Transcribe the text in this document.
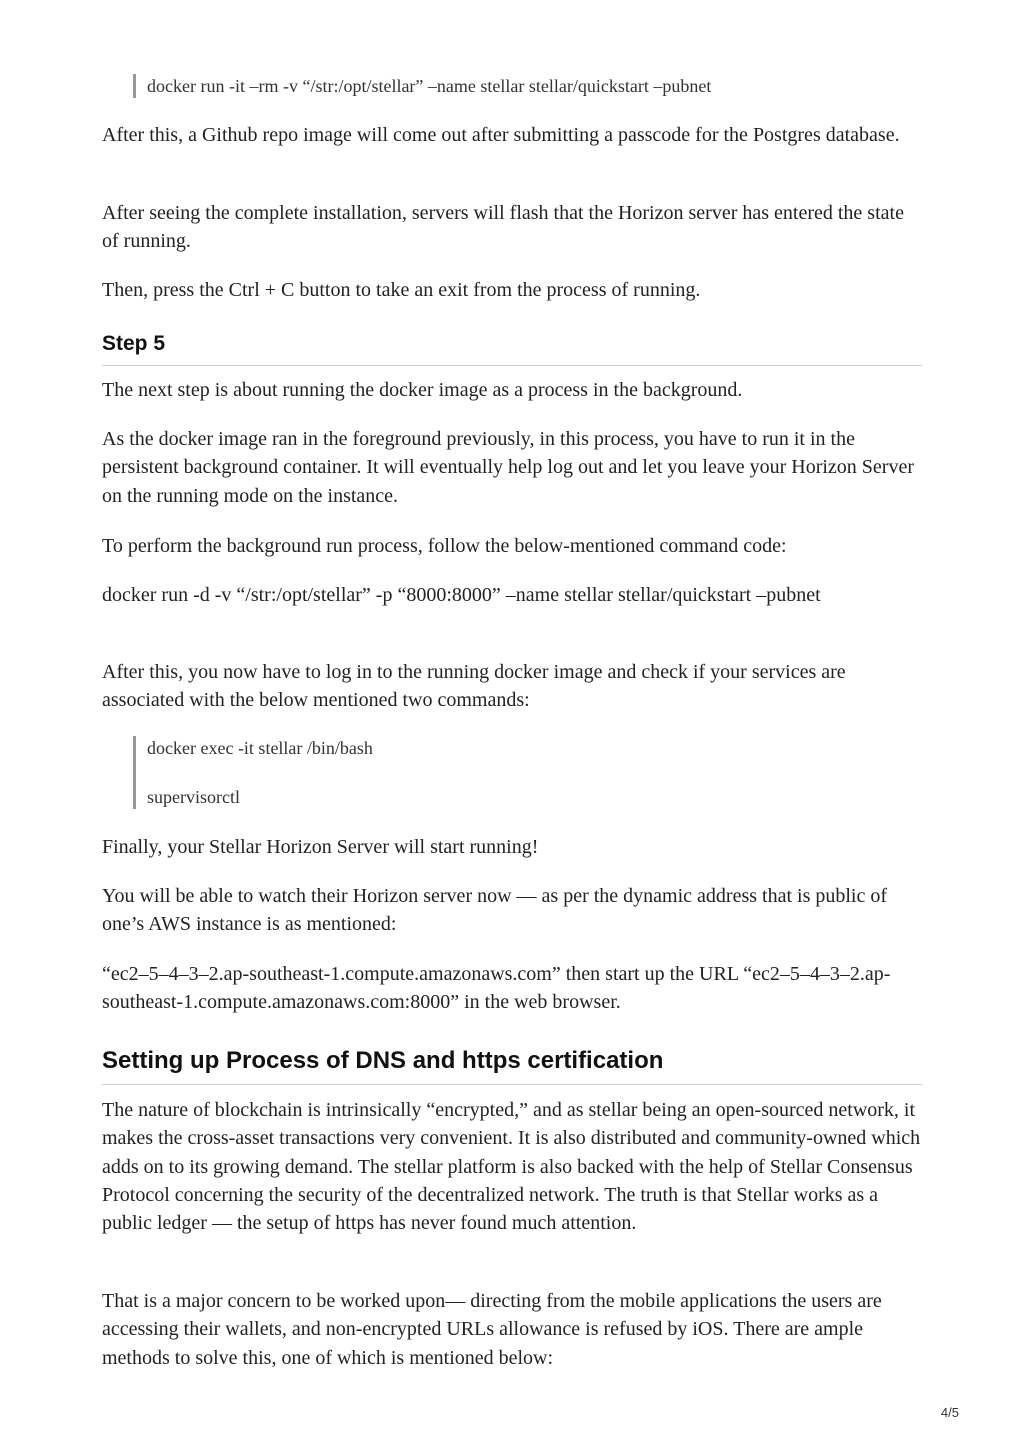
docker run -it –rm -v “/str:/opt/stellar” –name stellar stellar/quickstart –pubnet

After this, a Github repo image will come out after submitting a passcode for the Postgres database.

After seeing the complete installation, servers will flash that the Horizon server has entered the state of running.

Then, press the Ctrl + C button to take an exit from the process of running.

Step 5

The next step is about running the docker image as a process in the background.

As the docker image ran in the foreground previously, in this process, you have to run it in the persistent background container. It will eventually help log out and let you leave your Horizon Server on the running mode on the instance.

To perform the background run process, follow the below-mentioned command code:

docker run -d -v “/str:/opt/stellar” -p “8000:8000” –name stellar stellar/quickstart –pubnet

After this, you now have to log in to the running docker image and check if your services are associated with the below mentioned two commands:

docker exec -it stellar /bin/bash

supervisorctl

Finally, your Stellar Horizon Server will start running!

You will be able to watch their Horizon server now — as per the dynamic address that is public of one’s AWS instance is as mentioned:

“ec2–5–4–3–2.ap-southeast-1.compute.amazonaws.com” then start up the URL “ec2–5–4–3–2.ap-southeast-1.compute.amazonaws.com:8000” in the web browser.

Setting up Process of DNS and https certification

The nature of blockchain is intrinsically “encrypted,” and as stellar being an open-sourced network, it makes the cross-asset transactions very convenient. It is also distributed and community-owned which adds on to its growing demand. The stellar platform is also backed with the help of Stellar Consensus Protocol concerning the security of the decentralized network. The truth is that Stellar works as a public ledger — the setup of https has never found much attention.

That is a major concern to be worked upon— directing from the mobile applications the users are accessing their wallets, and non-encrypted URLs allowance is refused by iOS. There are ample methods to solve this, one of which is mentioned below:

4/5
